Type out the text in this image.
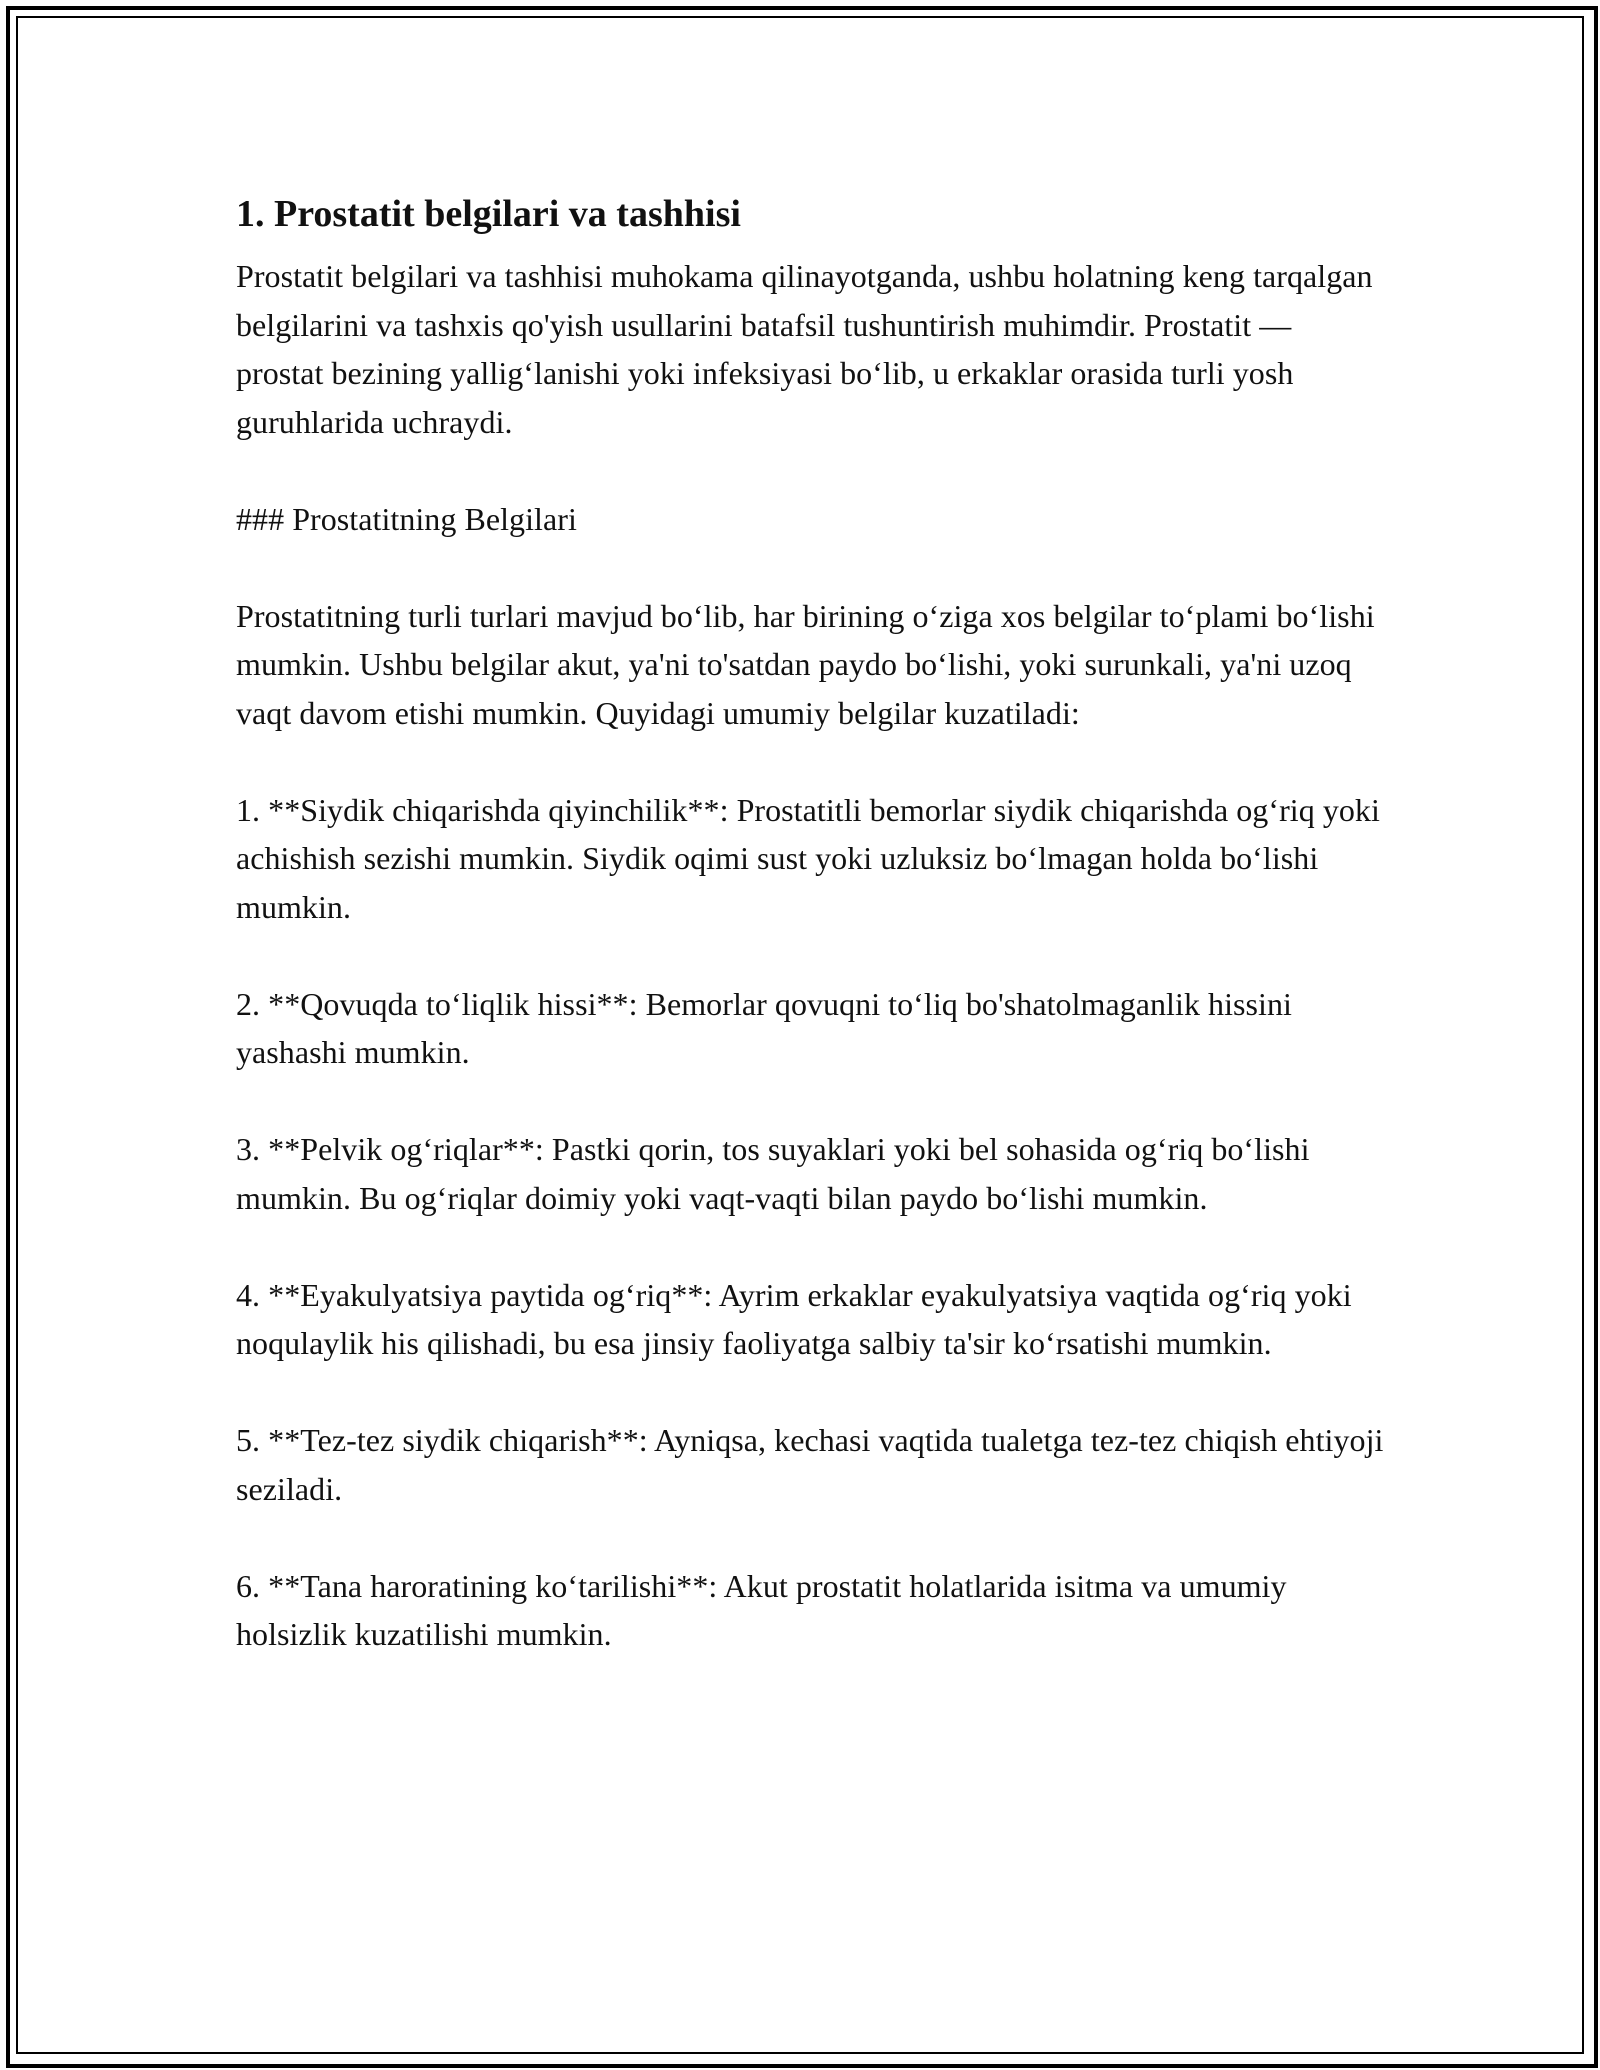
1. Prostatit belgilari va tashhisi

Prostatit belgilari va tashhisi muhokama qilinayotganda, ushbu holatning keng tarqalgan belgilarini va tashxis qo'yish usullarini batafsil tushuntirish muhimdir. Prostatit — prostat bezining yallig‘lanishi yoki infeksiyasi bo‘lib, u erkaklar orasida turli yosh guruhlarida uchraydi.

### Prostatitning Belgilari

Prostatitning turli turlari mavjud bo‘lib, har birining o‘ziga xos belgilar to‘plami bo‘lishi mumkin. Ushbu belgilar akut, ya'ni to'satdan paydo bo‘lishi, yoki surunkali, ya'ni uzoq vaqt davom etishi mumkin. Quyidagi umumiy belgilar kuzatiladi:

1. **Siydik chiqarishda qiyinchilik**: Prostatitli bemorlar siydik chiqarishda og‘riq yoki achishish sezishi mumkin. Siydik oqimi sust yoki uzluksiz bo‘lmagan holda bo‘lishi mumkin.

2. **Qovuqda to‘liqlik hissi**: Bemorlar qovuqni to‘liq bo'shatolmaganlik hissini yashashi mumkin.

3. **Pelvik og‘riqlar**: Pastki qorin, tos suyaklari yoki bel sohasida og‘riq bo‘lishi mumkin. Bu og‘riqlar doimiy yoki vaqt-vaqti bilan paydo bo‘lishi mumkin.

4. **Eyakulyatsiya paytida og‘riq**: Ayrim erkaklar eyakulyatsiya vaqtida og‘riq yoki noqulaylik his qilishadi, bu esa jinsiy faoliyatga salbiy ta'sir ko‘rsatishi mumkin.

5. **Tez-tez siydik chiqarish**: Ayniqsa, kechasi vaqtida tualetga tez-tez chiqish ehtiyoji seziladi.

6. **Tana haroratining ko‘tarilishi**: Akut prostatit holatlarida isitma va umumiy holsizlik kuzatilishi mumkin.
